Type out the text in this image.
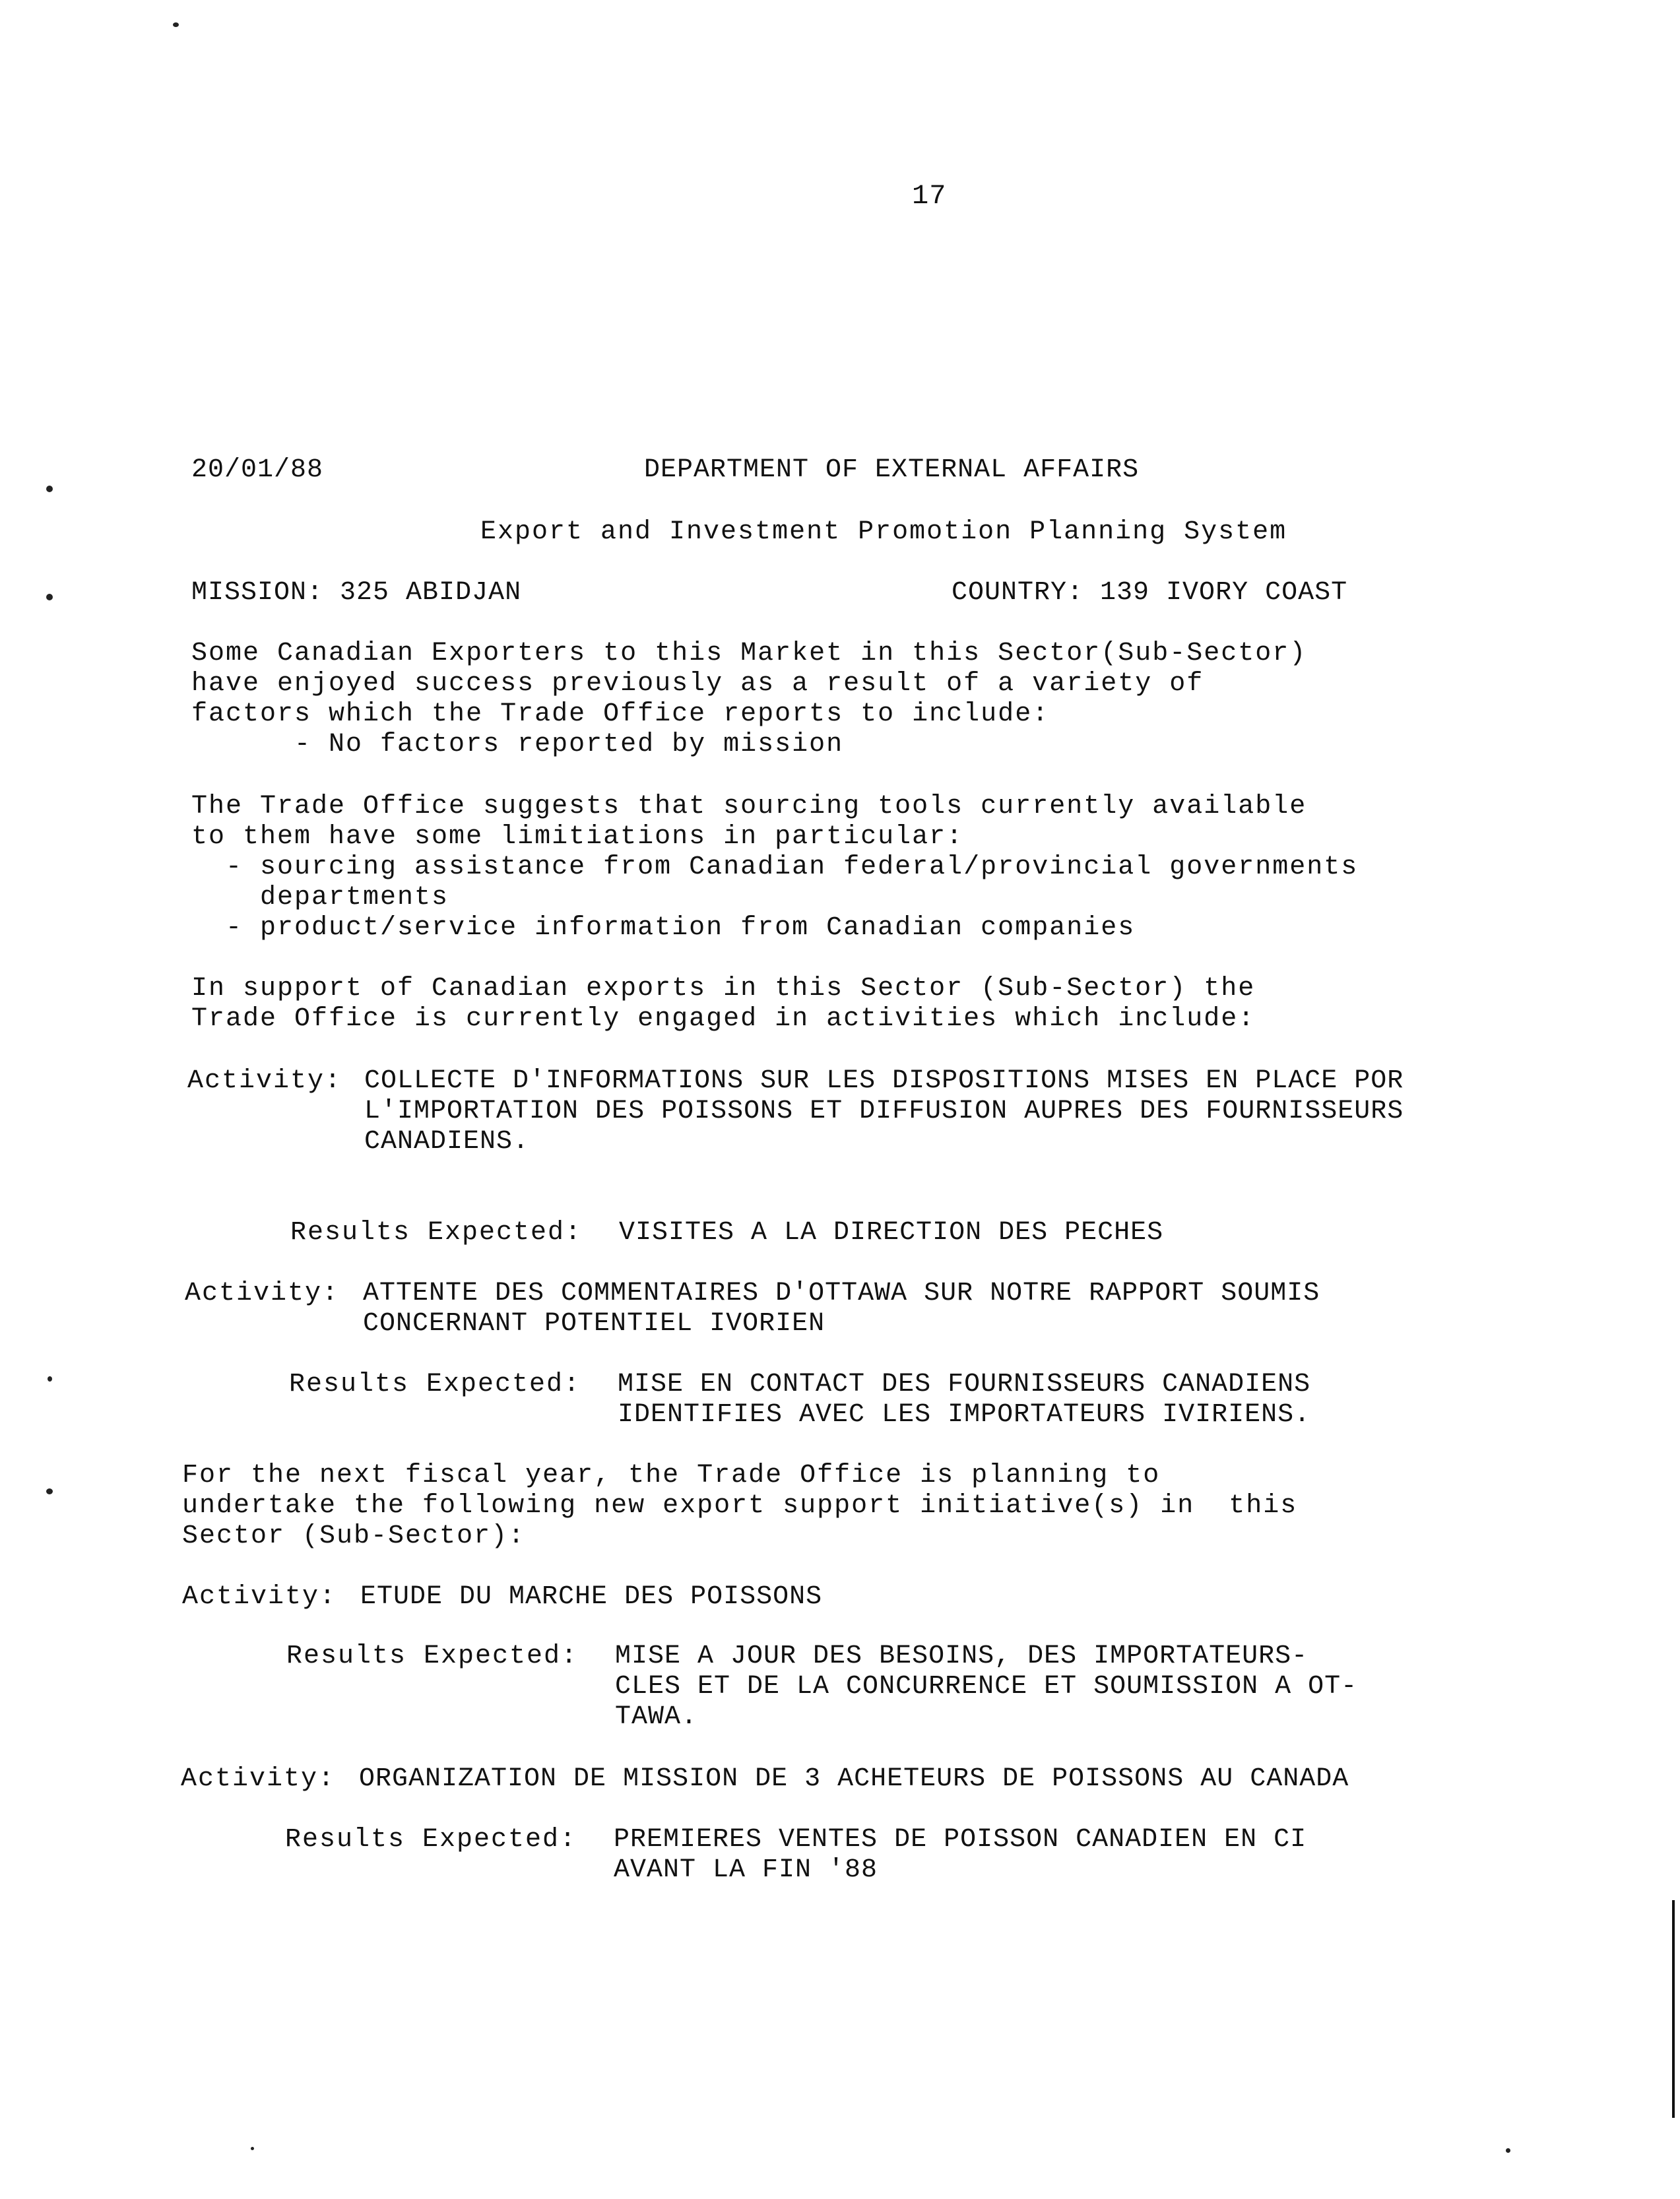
17
20/01/88	DEPARTMENT OF EXTERNAL AFFAIRS
Export and Investment Promotion Planning System
MISSION: 325 ABIDJAN	COUNTRY: 139 IVORY COAST
Some Canadian Exporters to this Market in this Sector(Sub-Sector)
have enjoyed success previously as a result of a variety of
factors which the Trade Office reports to include:
- No factors reported by mission
The Trade Office suggests that sourcing tools currently available
to them have some limitiations in particular:
- sourcing assistance from Canadian federal/provincial governments
departments
- product/service information from Canadian companies
In support of Canadian exports in this Sector (Sub-Sector) the
Trade Office is currently engaged in activities which include:
Activity: COLLECTE D'INFORMATIONS SUR LES DISPOSITIONS MISES EN PLACE POR
L'IMPORTATION DES POISSONS ET DIFFUSION AUPRES DES FOURNISSEURS
CANADIENS.
Results Expected: VISITES A LA DIRECTION DES PECHES
Activity: ATTENTE DES COMMENTAIRES D'OTTAWA SUR NOTRE RAPPORT SOUMIS
CONCERNANT POTENTIEL IVORIEN
Results Expected: MISE EN CONTACT DES FOURNISSEURS CANADIENS
IDENTIFIES AVEC LES IMPORTATEURS IVIRIENS.
For the next fiscal year, the Trade Office is planning to
undertake the following new export support initiative(s) in  this
Sector (Sub-Sector):
Activity: ETUDE DU MARCHE DES POISSONS
Results Expected: MISE A JOUR DES BESOINS, DES IMPORTATEURS-
CLES ET DE LA CONCURRENCE ET SOUMISSION A OT-
TAWA.
Activity: ORGANIZATION DE MISSION DE 3 ACHETEURS DE POISSONS AU CANADA
Results Expected: PREMIERES VENTES DE POISSON CANADIEN EN CI
AVANT LA FIN '88
